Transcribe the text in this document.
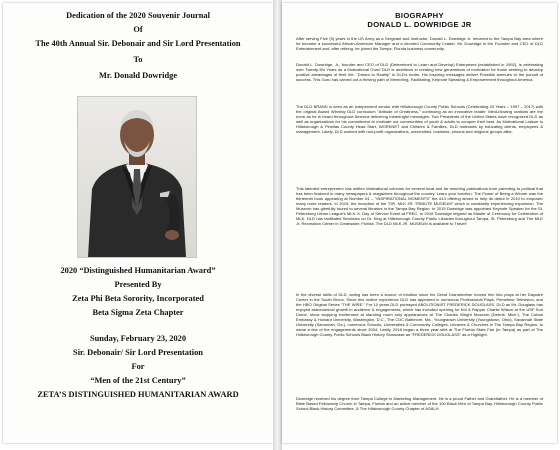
Dedication of the 2020 Souvenir Journal
Of
The 40th Annual Sir. Debonair and Sir Lord Presentation
To
Mr. Donald Dowridge
2020 “Distinguished Humanitarian Award”
Presented By
Zeta Phi Beta Sorority, Incorporated
Beta Sigma Zeta Chapter
Sunday, February 23, 2020
Sir. Debonair/ Sir Lord Presentation
For
“Men of the 21st Century”
ZETA’S DISTINGUISHED HUMANITARIAN AWARD
BIOGRAPHY
DONALD L. DOWRIDGE JR
After serving Five (5) years in the US Army as a Sergeant and Instructor, Donald L. Dowridge Jr. returned to the Tampa Bay area where he became a successful African-American Manager and a devoted Community Leader. Mr. Dowridge is the Founder and CEO of DLD Entertainment and, after retiring, he joined the Tampa, Florida business community.
Donald L. Dowridge, Jr., founder and CEO of DLD (Determined to Learn and Develop) Enterprises (established in 1992), is celebrating over Twenty-Six Years as a Motivational Guru! DLD is ambitious in creating new generations of motivation for those seeking to develop positive advantages of their life. "Dream to Reality" is DLD's motto. His inspiring messages deliver Possible avenues to the pursuit of success. This Guru has carved out a thriving path of Mentoring, Facilitating, Keynote Speaking & Empowerment throughout America.
The DLD BRAND is seen as an independent vendor with Hillsborough County Public Schools (Celebrating 20 Years – 1997 – 2017) with the original Award Winning DLD curriculum "Attitude of Greatness," continuing as an innovative leader. Mind-blowing orations are the norm as he is heard throughout America delivering meaningful messages. Two Presidents of the United States have recognized DLD as well as organizations for his commitment to motivate our communities of youth & adults to conquer their best. As Motivational Liaison to Hillsborough & Pinellas County Head Start, WORKNET and Children & Families, DLD motivates by educating clients, employees & management. Lately, DLD worked with non-profit organizations, universities, business, prisons and religious groups alike.
This talented entrepreneur has written Motivational columns for several local and far reaching publications from parenting to political that has been featured in many newspapers & magazines throughout the country. Learn your function. The Power of Being a Winner was the thirteenth book appearing at Number #1 – "INSPIRATIONAL MOMENTS" the #14 offering aimed to help its debut in 2010 to empower many more readers. In 2019, the inception of the "DR. MLK JR. TRIBUTE MUSEUM" which is constantly experiencing expansion. The Museum has gleefully toured to several libraries in the Tampa Bay Region. In 2015 Dowridge was appointed Keynote Speaker for the St. Petersburg Urban League's MLK Jr. Day of Service Event at FREC. In 2016 Dowridge reigned as Master of Ceremony for Celebration of MLK. DLD has facilitated Seminars on Dr. King at Hillsborough County Public Libraries throughout Tampa, St. Petersburg and The MLK Jr. Recreation Center in Clearwater, Florida. The DLD MLK JR. MUSEUM is available to Travel!
In the diverse skills of DLD, acting has been a source of intuition since his Great Grandmother moved him into plays at her Daycare Center in the South Bronx. Since this motive experience DLD has appeared in numerous Professional Plays, Primetime Television, and the HBO Original Series "THE WIRE." For 10 years DLD portrayed ABOLITIONIST FREDERICK DOUGLASS. DLD as Mr. Douglass has enjoyed astronomical growth in audience & engagements, which has included opening for Kid & Rapper Charlie Wilson at the USF Sun Dome, show stopping excitement at standing room only appearances at The Charles Wright Museum (Detroit, Mich.), The Cuban Embassy & Howard University, Washington, D.C., The CDC Baltimore, Md., Youngstown University (Youngstown, Ohio), Savannah State University (Savannah, Ga.), numerous Schools, Universities & Community Colleges, Libraries & Churches in The Tampa Bay Region, to name a few of the engagements since 2004. Lastly, 2016 began a three year stint at The Florida State Fair (In Tampa) as part of The Hillsborough County Public Schools Black History Showcase as "FREDERICK DOUGLASS" as a Highlight.
Dowridge received his degree from Tampa College in Marketing Management. He is a proud Father and Grandfather. He is a member of Bible Based Fellowship Church in Tampa, Florida and an active member of the 100 Black Men of Tampa Bay, Hillsborough County Public School Black History Committee, & The Hillsborough County Chapter of ASALH.
